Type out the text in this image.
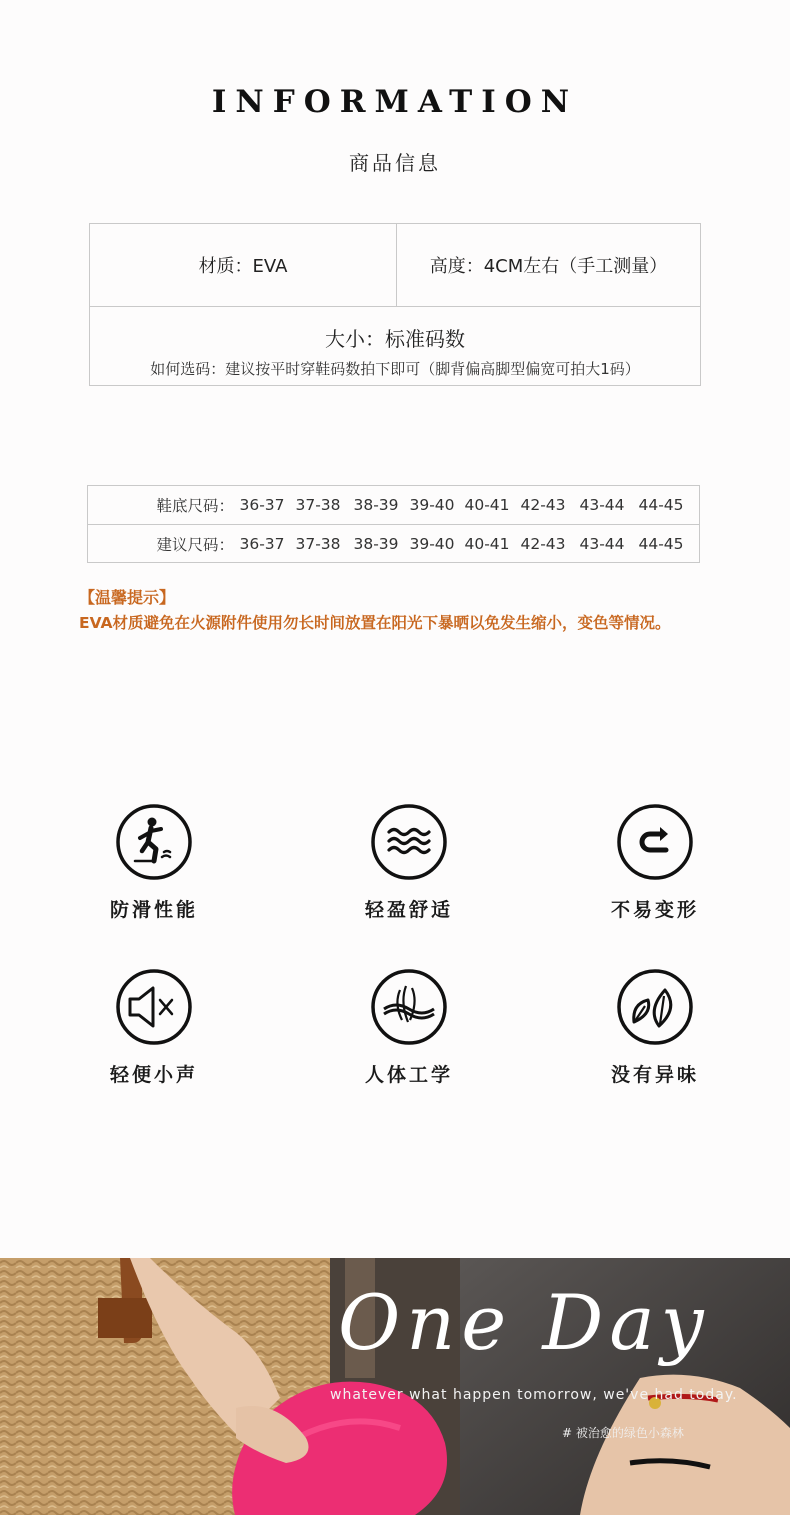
INFORMATION
商品信息
材质：EVA	高度：4CM左右（手工测量）
大小：标准码数
如何选码：建议按平时穿鞋码数拍下即可（脚背偏高脚型偏宽可拍大1码）
鞋底尺码： 36-37 37-38 38-39 39-40 40-41 42-43 43-44 44-45
建议尺码： 36-37 37-38 38-39 39-40 40-41 42-43 43-44 44-45
【温馨提示】
EVA材质避免在火源附件使用勿长时间放置在阳光下暴晒以免发生缩小，变色等情况。
防滑性能	轻盈舒适	不易变形
轻便小声	人体工学	没有异味
One Day
whatever what happen tomorrow, we've had today.
# 被治愈的绿色小森林
